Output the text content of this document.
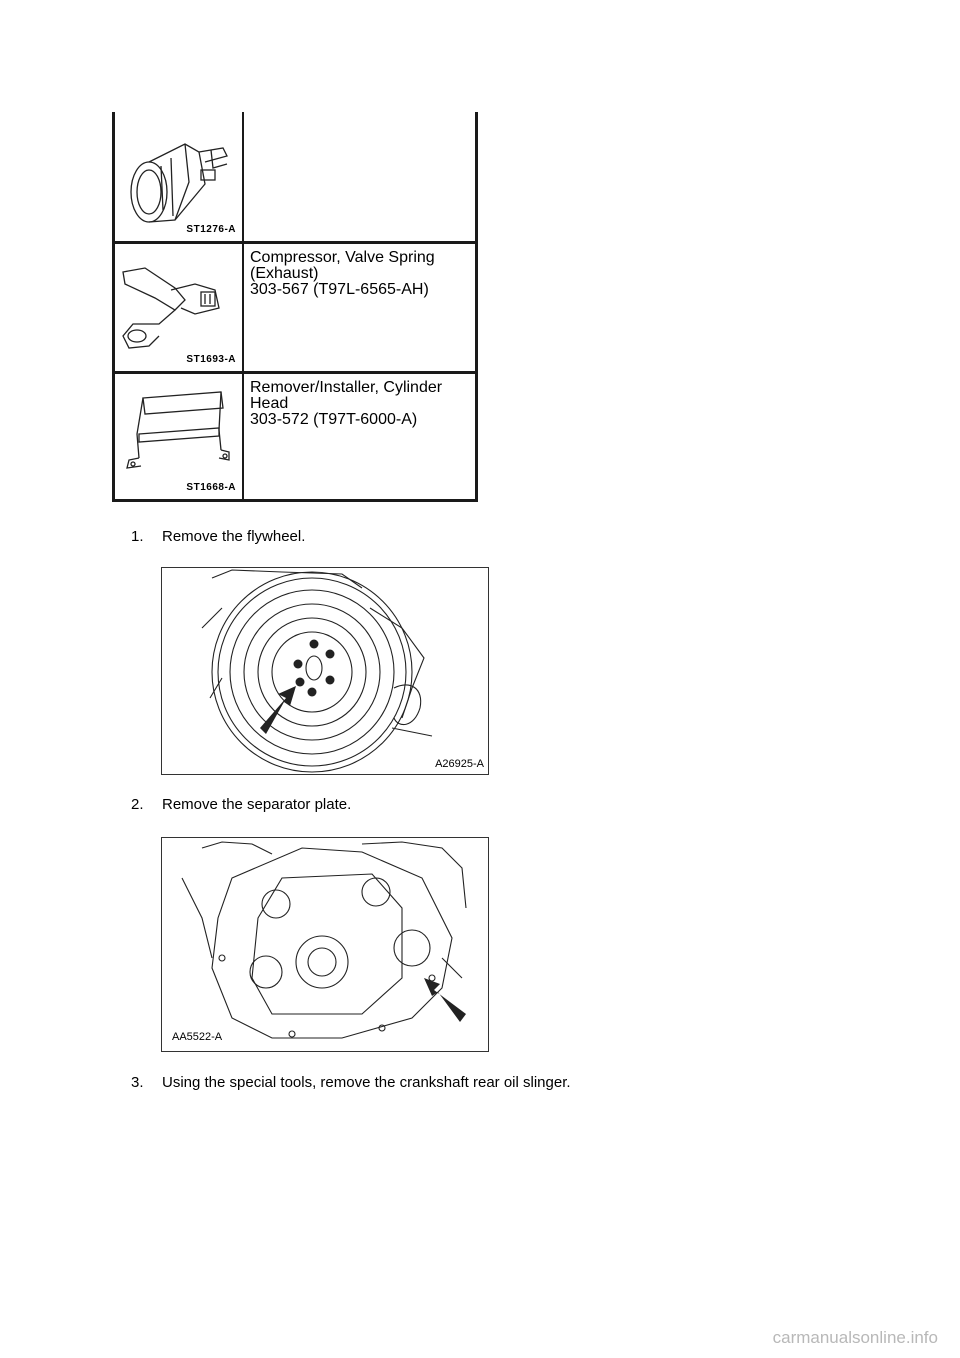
ST1276-A
ST1693-A
Compressor, Valve Spring
(Exhaust)
303-567 (T97L-6565-AH)
ST1668-A
Remover/Installer, Cylinder
Head
303-572 (T97T-6000-A)
1. Remove the flywheel.
A26925-A
2. Remove the separator plate.
AA5522-A
3. Using the special tools, remove the crankshaft rear oil slinger.
carmanualsonline.info
